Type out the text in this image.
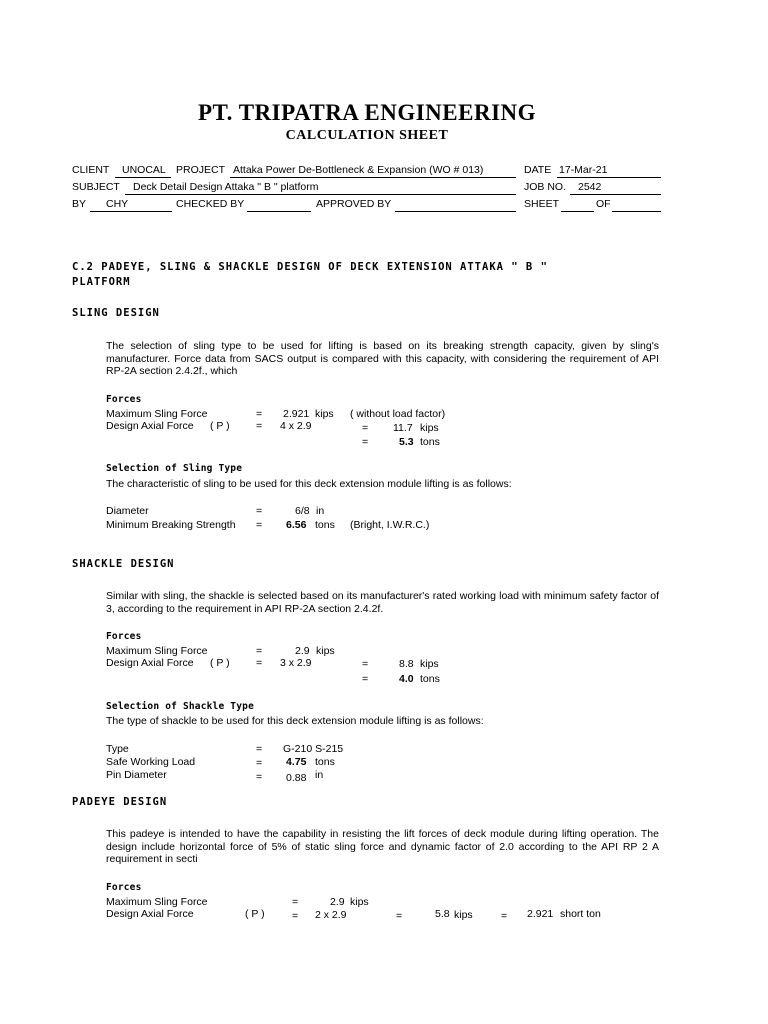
PT. TRIPATRA ENGINEERING
CALCULATION SHEET
CLIENT UNOCAL PROJECT Attaka Power De-Bottleneck & Expansion (WO # 013)	DATE 17-Mar-21
SUBJECT Deck Detail Design Attaka " B " platform	JOB NO. 2542
BY CHY	CHECKED BY	APPROVED BY	SHEET	OF
C.2 PADEYE, SLING & SHACKLE DESIGN OF DECK EXTENSION ATTAKA " B "
PLATFORM
SLING DESIGN
The selection of sling type to be used for lifting is based on its breaking strength capacity, given by sling's manufacturer. Force data from SACS output is compared with this capacity, with considering the requirement of API RP-2A section 2.4.2f., which
Forces
Maximum Sling Force	= 2.921 kips ( without load factor)
Design Axial Force ( P )	= 4 x 2.9	= 11.7 kips
=	5.3 tons
Selection of Sling Type
The characteristic of sling to be used for this deck extension module lifting is as follows:
Diameter	=	6/8 in
Minimum Breaking Strength = 6.56 tons (Bright, I.W.R.C.)
SHACKLE DESIGN
Similar with sling, the shackle is selected based on its manufacturer's rated working load with minimum safety factor of 3, according to the requirement in API RP-2A section 2.4.2f.
Forces
Maximum Sling Force	=	2.9 kips
Design Axial Force ( P )	= 3 x 2.9	=	8.8 kips
=	4.0 tons
Selection of Shackle Type
The type of shackle to be used for this deck extension module lifting is as follows:
Type	= G-210 S-215
Safe Working Load	= 4.75 tons
Pin Diameter	= 0.88 in
PADEYE DESIGN
This padeye is intended to have the capability in resisting the lift forces of deck module during lifting operation. The design include horizontal force of 5% of static sling force and dynamic factor of 2.0 according to the API RP 2 A requirement in secti
Forces
Maximum Sling Force	=	2.9 kips
Design Axial Force	( P )	= 2 x 2.9	=	5.8 kips	= 2.921 short ton
